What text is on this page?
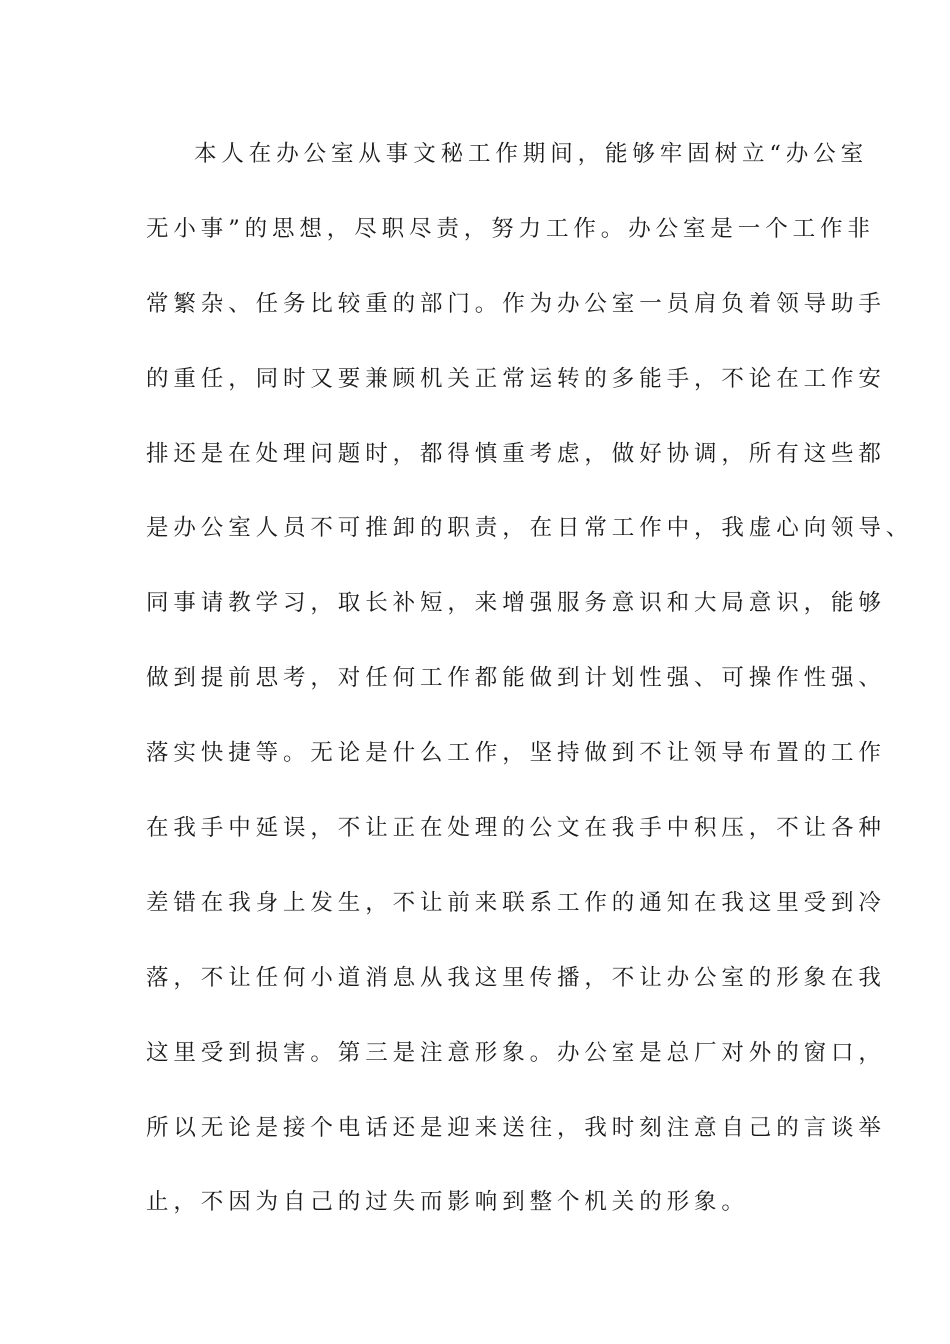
本人在办公室从事文秘工作期间，能够牢固树立“办公室
无小事”的思想，尽职尽责，努力工作。办公室是一个工作非
常繁杂、任务比较重的部门。作为办公室一员肩负着领导助手
的重任，同时又要兼顾机关正常运转的多能手，不论在工作安
排还是在处理问题时，都得慎重考虑，做好协调，所有这些都
是办公室人员不可推卸的职责，在日常工作中，我虚心向领导、
同事请教学习，取长补短，来增强服务意识和大局意识，能够
做到提前思考，对任何工作都能做到计划性强、可操作性强、
落实快捷等。无论是什么工作，坚持做到不让领导布置的工作
在我手中延误，不让正在处理的公文在我手中积压，不让各种
差错在我身上发生，不让前来联系工作的通知在我这里受到冷
落，不让任何小道消息从我这里传播，不让办公室的形象在我
这里受到损害。第三是注意形象。办公室是总厂对外的窗口，
所以无论是接个电话还是迎来送往，我时刻注意自己的言谈举
止，不因为自己的过失而影响到整个机关的形象。
